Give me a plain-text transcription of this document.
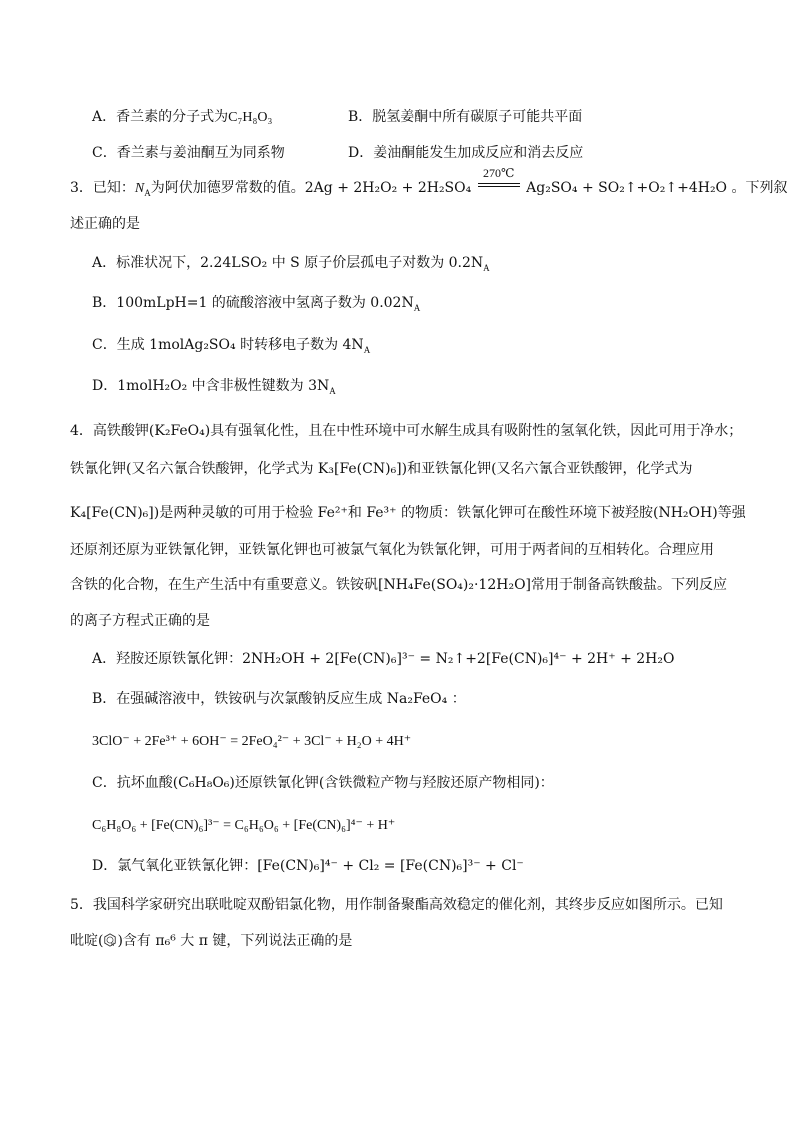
A．香兰素的分子式为C₇H₈O₃	B．脱氢姜酮中所有碳原子可能共平面
C．香兰素与姜油酮互为同系物	D．姜油酮能发生加成反应和消去反应
3．已知：$N_A$为阿伏加德罗常数的值。2Ag + 2H₂O₂ + 2H₂SO₄
270℃
Ag₂SO₄ + SO₂↑+O₂↑+4H₂O 。下列叙
述正确的是
A．标准状况下，2.24LSO₂ 中 S 原子价层孤电子对数为 $0.2N_A$
B．100mLpH=1 的硫酸溶液中氢离子数为 $0.02N_A$
C．生成 1molAg₂SO₄ 时转移电子数为 $4N_A$
D．1molH₂O₂ 中含非极性键数为 $3N_A$
4．高铁酸钾(K₂FeO₄)具有强氧化性，且在中性环境中可水解生成具有吸附性的氢氧化铁，因此可用于净水；
铁氰化钾(又名六氰合铁酸钾，化学式为 K₃[Fe(CN)₆])和亚铁氰化钾(又名六氰合亚铁酸钾，化学式为
K₄[Fe(CN)₆])是两种灵敏的可用于检验 Fe²⁺和 Fe³⁺ 的物质：铁氰化钾可在酸性环境下被羟胺(NH₂OH)等强
还原剂还原为亚铁氰化钾，亚铁氰化钾也可被氯气氧化为铁氰化钾，可用于两者间的互相转化。合理应用
含铁的化合物，在生产生活中有重要意义。铁铵矾[NH₄Fe(SO₄)₂·12H₂O]常用于制备高铁酸盐。下列反应
的离子方程式正确的是
A．羟胺还原铁氰化钾：2NH₂OH + 2[Fe(CN)₆]³⁻ = N₂↑+2[Fe(CN)₆]⁴⁻ + 2H⁺ + 2H₂O
B．在强碱溶液中，铁铵矾与次氯酸钠反应生成 Na₂FeO₄ ：
3ClO⁻ + 2Fe³⁺ + 6OH⁻ = 2FeO₄²⁻ + 3Cl⁻ + H₂O + 4H⁺
C．抗坏血酸(C₆H₈O₆)还原铁氰化钾(含铁微粒产物与羟胺还原产物相同)：
C₆H₈O₆ + [Fe(CN)₆]³⁻ = C₆H₆O₆ + [Fe(CN)₆]⁴⁻ + H⁺
D．氯气氧化亚铁氰化钾：[Fe(CN)₆]⁴⁻ + Cl₂ = [Fe(CN)₆]³⁻ + Cl⁻
5．我国科学家研究出联吡啶双酚铝氯化物，用作制备聚酯高效稳定的催化剂，其终步反应如图所示。已知
吡啶( N )含有 π₆⁶ 大 π 键，下列说法正确的是
